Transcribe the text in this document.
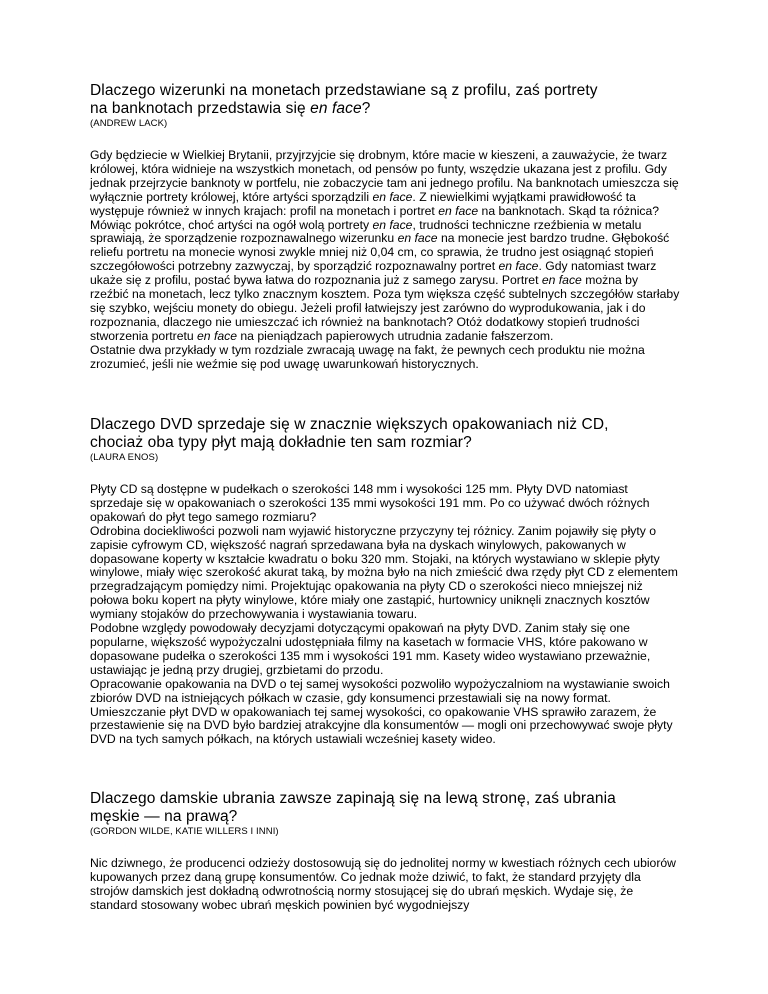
Dlaczego wizerunki na monetach przedstawiane są z profilu, zaś portrety
na banknotach przedstawia się en face?
(ANDREW LACK)

Gdy będziecie w Wielkiej Brytanii, przyjrzyjcie się drobnym, które macie w kieszeni, a zauważycie, że twarz królowej, która widnieje na wszystkich monetach, od pensów po funty, wszędzie ukazana jest z profilu. Gdy jednak przejrzycie banknoty w portfelu, nie zobaczycie tam ani jednego profilu. Na banknotach umieszcza się wyłącznie portrety królowej, które artyści sporządzili en face. Z niewielkimi wyjątkami prawidłowość ta występuje również w innych krajach: profil na monetach i portret en face na banknotach. Skąd ta różnica?

Mówiąc pokrótce, choć artyści na ogół wolą portrety en face, trudności techniczne rzeźbienia w metalu sprawiają, że sporządzenie rozpoznawalnego wizerunku en face na monecie jest bardzo trudne. Głębokość reliefu portretu na monecie wynosi zwykle mniej niż 0,04 cm, co sprawia, że trudno jest osiągnąć stopień szczegółowości potrzebny zazwyczaj, by sporządzić rozpoznawalny portret en face. Gdy natomiast twarz ukaże się z profilu, postać bywa łatwa do rozpoznania już z samego zarysu. Portret en face można by rzeźbić na monetach, lecz tylko znacznym kosztem. Poza tym większa część subtelnych szczegółów starłaby się szybko, wejściu monety do obiegu. Jeżeli profil łatwiejszy jest zarówno do wyprodukowania, jak i do rozpoznania, dlaczego nie umieszczać ich również na banknotach? Otóż dodatkowy stopień trudności stworzenia portretu en face na pieniądzach papierowych utrudnia zadanie fałszerzom.

Ostatnie dwa przykłady w tym rozdziale zwracają uwagę na fakt, że pewnych cech produktu nie można zrozumieć, jeśli nie weźmie się pod uwagę uwarunkowań historycznych.

Dlaczego DVD sprzedaje się w znacznie większych opakowaniach niż CD,
chociaż oba typy płyt mają dokładnie ten sam rozmiar?
(LAURA ENOS)

Płyty CD są dostępne w pudełkach o szerokości 148 mm i wysokości 125 mm. Płyty DVD natomiast sprzedaje się w opakowaniach o szerokości 135 mmi wysokości 191 mm. Po co używać dwóch różnych opakowań do płyt tego samego rozmiaru?

Odrobina dociekliwości pozwoli nam wyjawić historyczne przyczyny tej różnicy. Zanim pojawiły się płyty o zapisie cyfrowym CD, większość nagrań sprzedawana była na dyskach winylowych, pakowanych w dopasowane koperty w kształcie kwadratu o boku 320 mm. Stojaki, na których wystawiano w sklepie płyty winylowe, miały więc szerokość akurat taką, by można było na nich zmieścić dwa rzędy płyt CD z elementem przegradzającym pomiędzy nimi. Projektując opakowania na płyty CD o szerokości nieco mniejszej niż połowa boku kopert na płyty winylowe, które miały one zastąpić, hurtownicy uniknęli znacznych kosztów wymiany stojaków do przechowywania i wystawiania towaru.

Podobne względy powodowały decyzjami dotyczącymi opakowań na płyty DVD. Zanim stały się one popularne, większość wypożyczalni udostępniała filmy na kasetach w formacie VHS, które pakowano w dopasowane pudełka o szerokości 135 mm i wysokości 191 mm. Kasety wideo wystawiano przeważnie, ustawiając je jedną przy drugiej, grzbietami do przodu.

Opracowanie opakowania na DVD o tej samej wysokości pozwoliło wypożyczalniom na wystawianie swoich zbiorów DVD na istniejących półkach w czasie, gdy konsumenci przestawiali się na nowy format. Umieszczanie płyt DVD w opakowaniach tej samej wysokości, co opakowanie VHS sprawiło zarazem, że przestawienie się na DVD było bardziej atrakcyjne dla konsumentów — mogli oni przechowywać swoje płyty DVD na tych samych półkach, na których ustawiali wcześniej kasety wideo.

Dlaczego damskie ubrania zawsze zapinają się na lewą stronę, zaś ubrania
męskie — na prawą?
(GORDON WILDE, KATIE WILLERS I INNI)

Nic dziwnego, że producenci odzieży dostosowują się do jednolitej normy w kwestiach różnych cech ubiorów kupowanych przez daną grupę konsumentów. Co jednak może dziwić, to fakt, że standard przyjęty dla strojów damskich jest dokładną odwrotnością normy stosującej się do ubrań męskich. Wydaje się, że standard stosowany wobec ubrań męskich powinien być wygodniejszy
